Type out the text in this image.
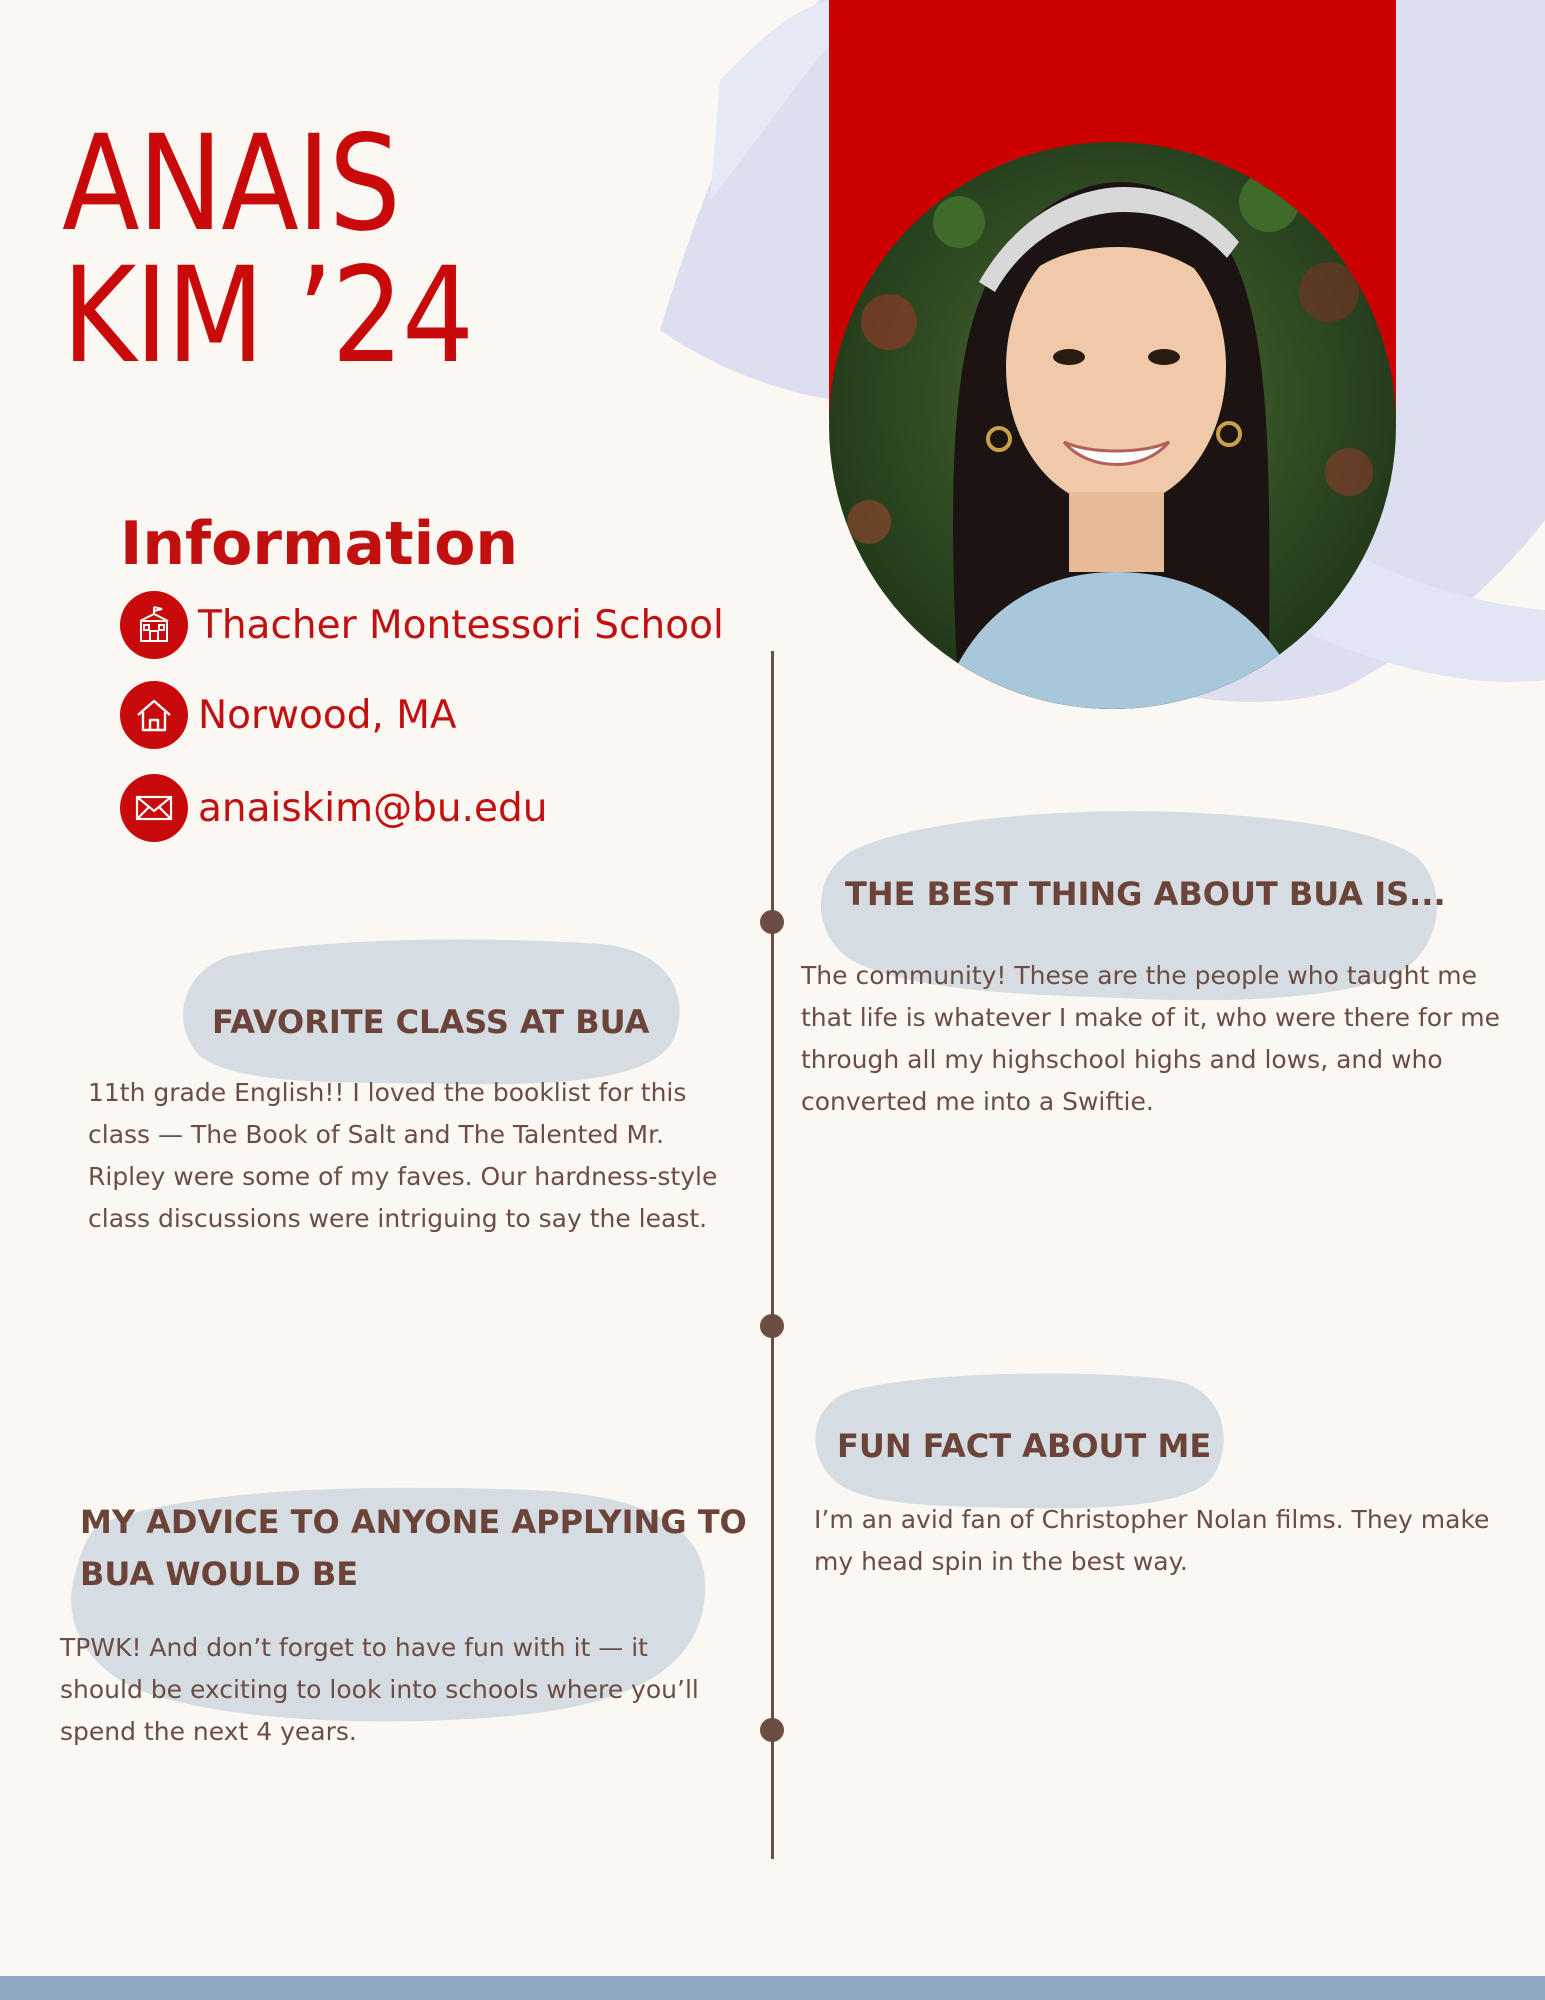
ANAIS
KIM ’24
Information
Thacher Montessori School
Norwood, MA
anaiskim@bu.edu
THE BEST THING ABOUT BUA IS...
The community! These are the people who taught me that life is whatever I make of it, who were there for me through all my highschool highs and lows, and who converted me into a Swiftie.
FAVORITE CLASS AT BUA
11th grade English!! I loved the booklist for this class — The Book of Salt and The Talented Mr. Ripley were some of my faves. Our hardness-style class discussions were intriguing to say the least.
FUN FACT ABOUT ME
I’m an avid fan of Christopher Nolan films. They make my head spin in the best way.
MY ADVICE TO ANYONE APPLYING TO
BUA WOULD BE
TPWK! And don’t forget to have fun with it — it should be exciting to look into schools where you’ll spend the next 4 years.
